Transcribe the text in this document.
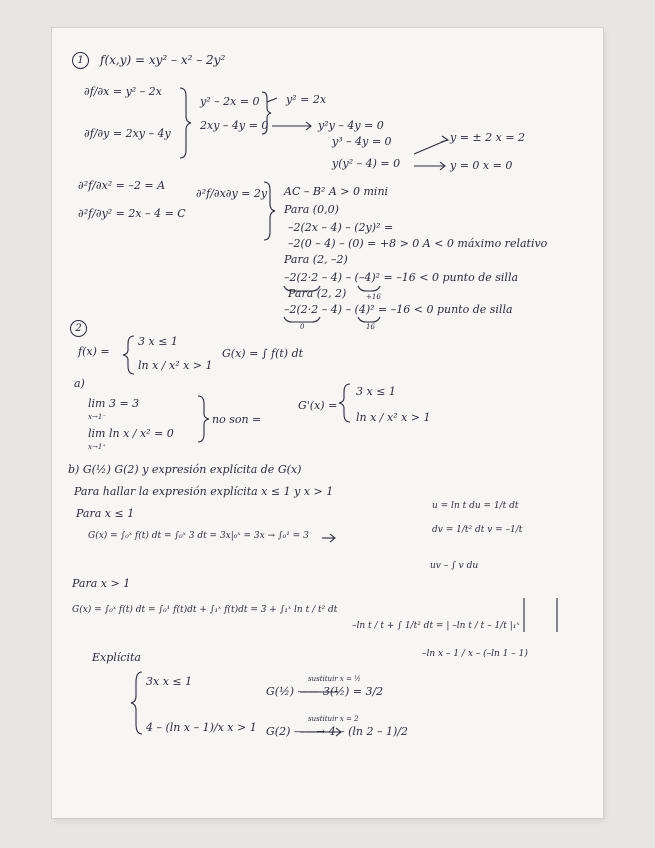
1 f(x,y) = xy² – x² – 2y²
∂f/∂x = y² – 2x
∂f/∂y = 2xy – 4y
y² – 2x = 0
2xy – 4y = 0
y² = 2x
y²y – 4y = 0
y³ – 4y = 0
y(y² – 4) = 0
y = ± 2 x = 2
y = 0 x = 0
∂²f/∂x² = –2 = A
∂²f/∂y² = 2x – 4 = C
∂²f/∂x∂y = 2y AC – B² A > 0 mini
Para (0,0)
–2(2x – 4) – (2y)² =
–2(0 – 4) – (0) = +8 > 0 A < 0 máximo relativo
Para (2, –2)
–2(2·2 – 4) – (–4)² = –16 < 0 punto de silla
+16
Para (2, 2)
–2(2·2 – 4) – (4)² = –16 < 0 punto de silla
0	16
2
f(x) =
3 x ≤ 1
ln x / x² x > 1
G(x) = ∫ f(t) dt
a)
lim 3 = 3
x→1⁻
lim ln x / x² = 0
x→1⁺
no son =
G'(x) =
3 x ≤ 1
ln x / x² x > 1
b) G(½) G(2) y expresión explícita de G(x)
Para hallar la expresión explícita x ≤ 1 y x > 1
Para x ≤ 1
G(x) = ∫₀ˣ f(t) dt = ∫₀ˣ 3 dt = 3x|₀ˣ = 3x → ∫₀¹ = 3
u = ln t du = 1/t dt
dv = 1/t² dt v = –1/t
uv – ∫ v du
Para x > 1
G(x) = ∫₀ˣ f(t) dt = ∫₀¹ f(t)dt + ∫₁ˣ f(t)dt = 3 + ∫₁ˣ ln t / t² dt
–ln t / t + ∫ 1/t² dt = | –ln t / t – 1/t |₁ˣ
–ln x – 1 / x – (–ln 1 – 1)
Explícita
3x x ≤ 1
4 – (ln x – 1)/x x > 1
sustituir x = ½
G(½) —— 3(½) = 3/2
sustituir x = 2
G(2) ——→ 4 – (ln 2 – 1)/2
